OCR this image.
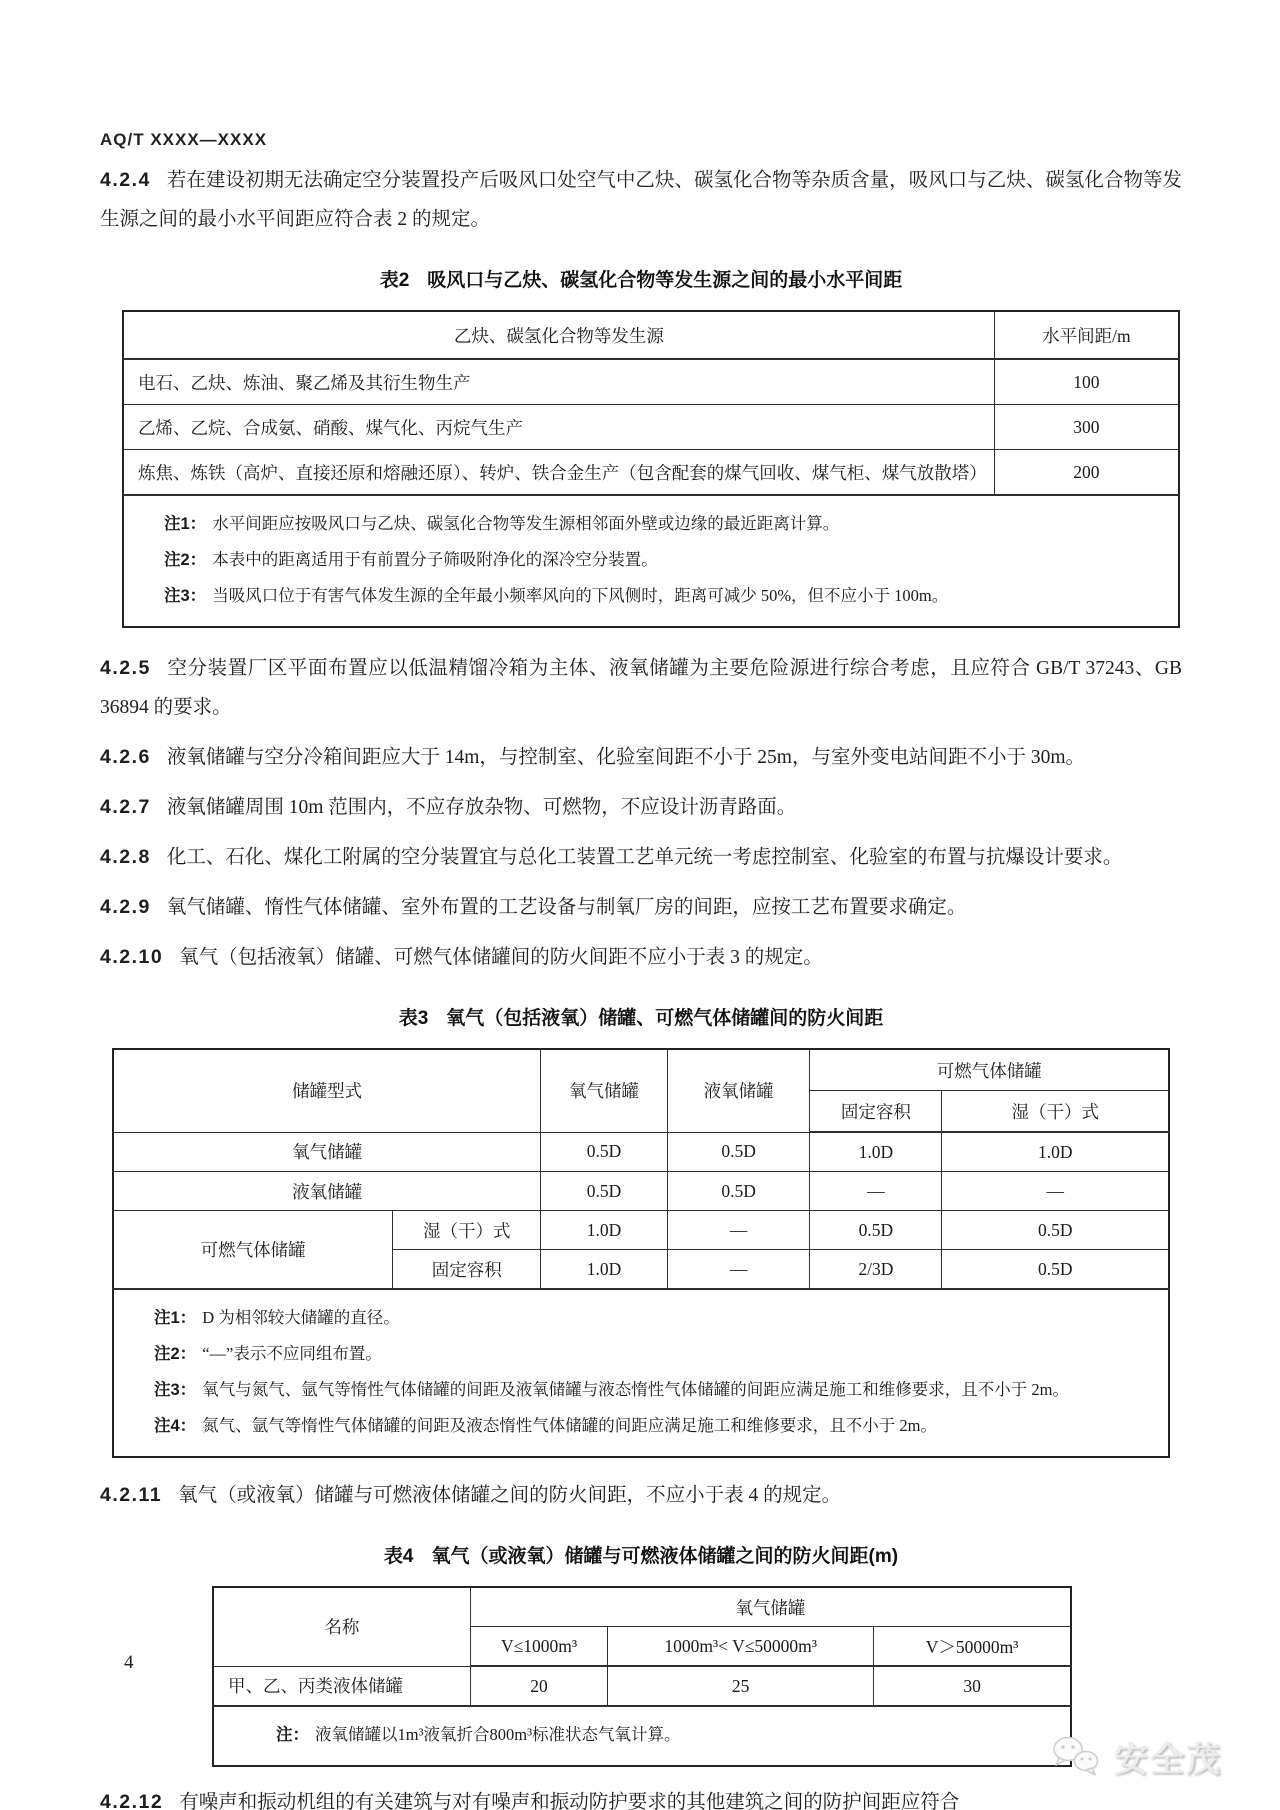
AQ/T XXXX—XXXX

4.2.4 若在建设初期无法确定空分装置投产后吸风口处空气中乙炔、碳氢化合物等杂质含量，吸风口与乙炔、碳氢化合物等发生源之间的最小水平间距应符合表 2 的规定。

表2 吸风口与乙炔、碳氢化合物等发生源之间的最小水平间距
乙炔、碳氢化合物等发生源	水平间距/m
电石、乙炔、炼油、聚乙烯及其衍生物生产	100
乙烯、乙烷、合成氨、硝酸、煤气化、丙烷气生产	300
炼焦、炼铁（高炉、直接还原和熔融还原）、转炉、铁合金生产（包含配套的煤气回收、煤气柜、煤气放散塔）	200

注1： 水平间距应按吸风口与乙炔、碳氢化合物等发生源相邻面外壁或边缘的最近距离计算。
注2： 本表中的距离适用于有前置分子筛吸附净化的深冷空分装置。
注3： 当吸风口位于有害气体发生源的全年最小频率风向的下风侧时，距离可减少 50%，但不应小于 100m。

4.2.5 空分装置厂区平面布置应以低温精馏冷箱为主体、液氧储罐为主要危险源进行综合考虑，且应符合 GB/T 37243、GB 36894 的要求。

4.2.6 液氧储罐与空分冷箱间距应大于 14m，与控制室、化验室间距不小于 25m，与室外变电站间距不小于 30m。

4.2.7 液氧储罐周围 10m 范围内，不应存放杂物、可燃物，不应设计沥青路面。

4.2.8 化工、石化、煤化工附属的空分装置宜与总化工装置工艺单元统一考虑控制室、化验室的布置与抗爆设计要求。

4.2.9 氧气储罐、惰性气体储罐、室外布置的工艺设备与制氧厂房的间距，应按工艺布置要求确定。

4.2.10 氧气（包括液氧）储罐、可燃气体储罐间的防火间距不应小于表 3 的规定。

表3 氧气（包括液氧）储罐、可燃气体储罐间的防火间距
储罐型式		氧气储罐	液氧储罐	可燃气体储罐	
				固定容积	湿（干）式
氧气储罐		0.5D	0.5D	1.0D	1.0D
液氧储罐		0.5D	0.5D	—	—
可燃气体储罐	湿（干）式	1.0D	—	0.5D	0.5D
	固定容积	1.0D	—	2/3D	0.5D

注1： D 为相邻较大储罐的直径。
注2： “—”表示不应同组布置。
注3： 氧气与氮气、氩气等惰性气体储罐的间距及液氧储罐与液态惰性气体储罐的间距应满足施工和维修要求，且不小于 2m。
注4： 氮气、氩气等惰性气体储罐的间距及液态惰性气体储罐的间距应满足施工和维修要求，且不小于 2m。

4.2.11 氧气（或液氧）储罐与可燃液体储罐之间的防火间距，不应小于表 4 的规定。

表4 氧气（或液氧）储罐与可燃液体储罐之间的防火间距(m)
名称	氧气储罐		
	V≤1000m³	1000m³< V≤50000m³	V＞50000m³
甲、乙、丙类液体储罐	20	25	30

注： 液氧储罐以1m³液氧折合800m³标准状态气氧计算。			

4.2.12 有噪声和振动机组的有关建筑与对有噪声和振动防护要求的其他建筑之间的防护间距应符合

4
安全茂
